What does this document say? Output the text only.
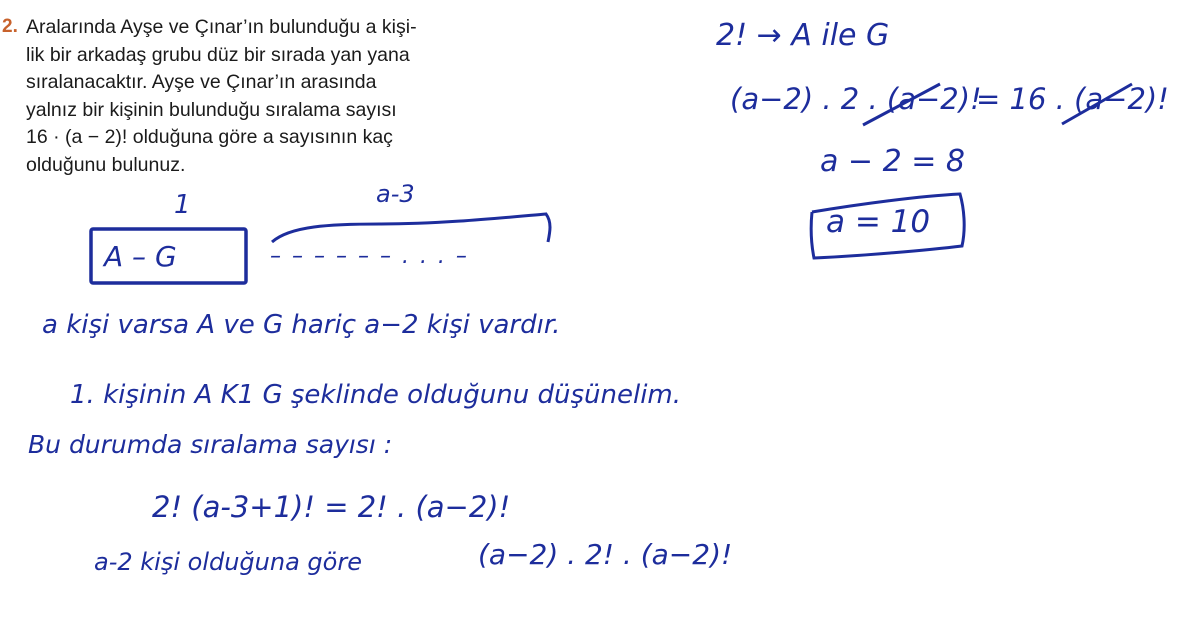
2. Aralarında Ayşe ve Çınar’ın bulunduğu a kişi-
lik bir arkadaş grubu düz bir sırada yan yana
sıralanacaktır. Ayşe ve Çınar’ın arasında
yalnız bir kişinin bulunduğu sıralama sayısı
16 · (a − 2)! olduğuna göre a sayısının kaç
olduğunu bulunuz.
1
A – G
a-3
– – – – – – . . . –
a kişi varsa A ve G hariç a−2 kişi vardır.
1. kişinin A K1 G şeklinde olduğunu düşünelim.
Bu durumda sıralama sayısı :
2! (a-3+1)! = 2! . (a−2)!
a-2 kişi olduğuna göre	(a−2) . 2! . (a−2)!
2! → A ile G
(a−2) . 2 . (a−2)!
= 16 . (a−2)!
a − 2 = 8
a = 10
